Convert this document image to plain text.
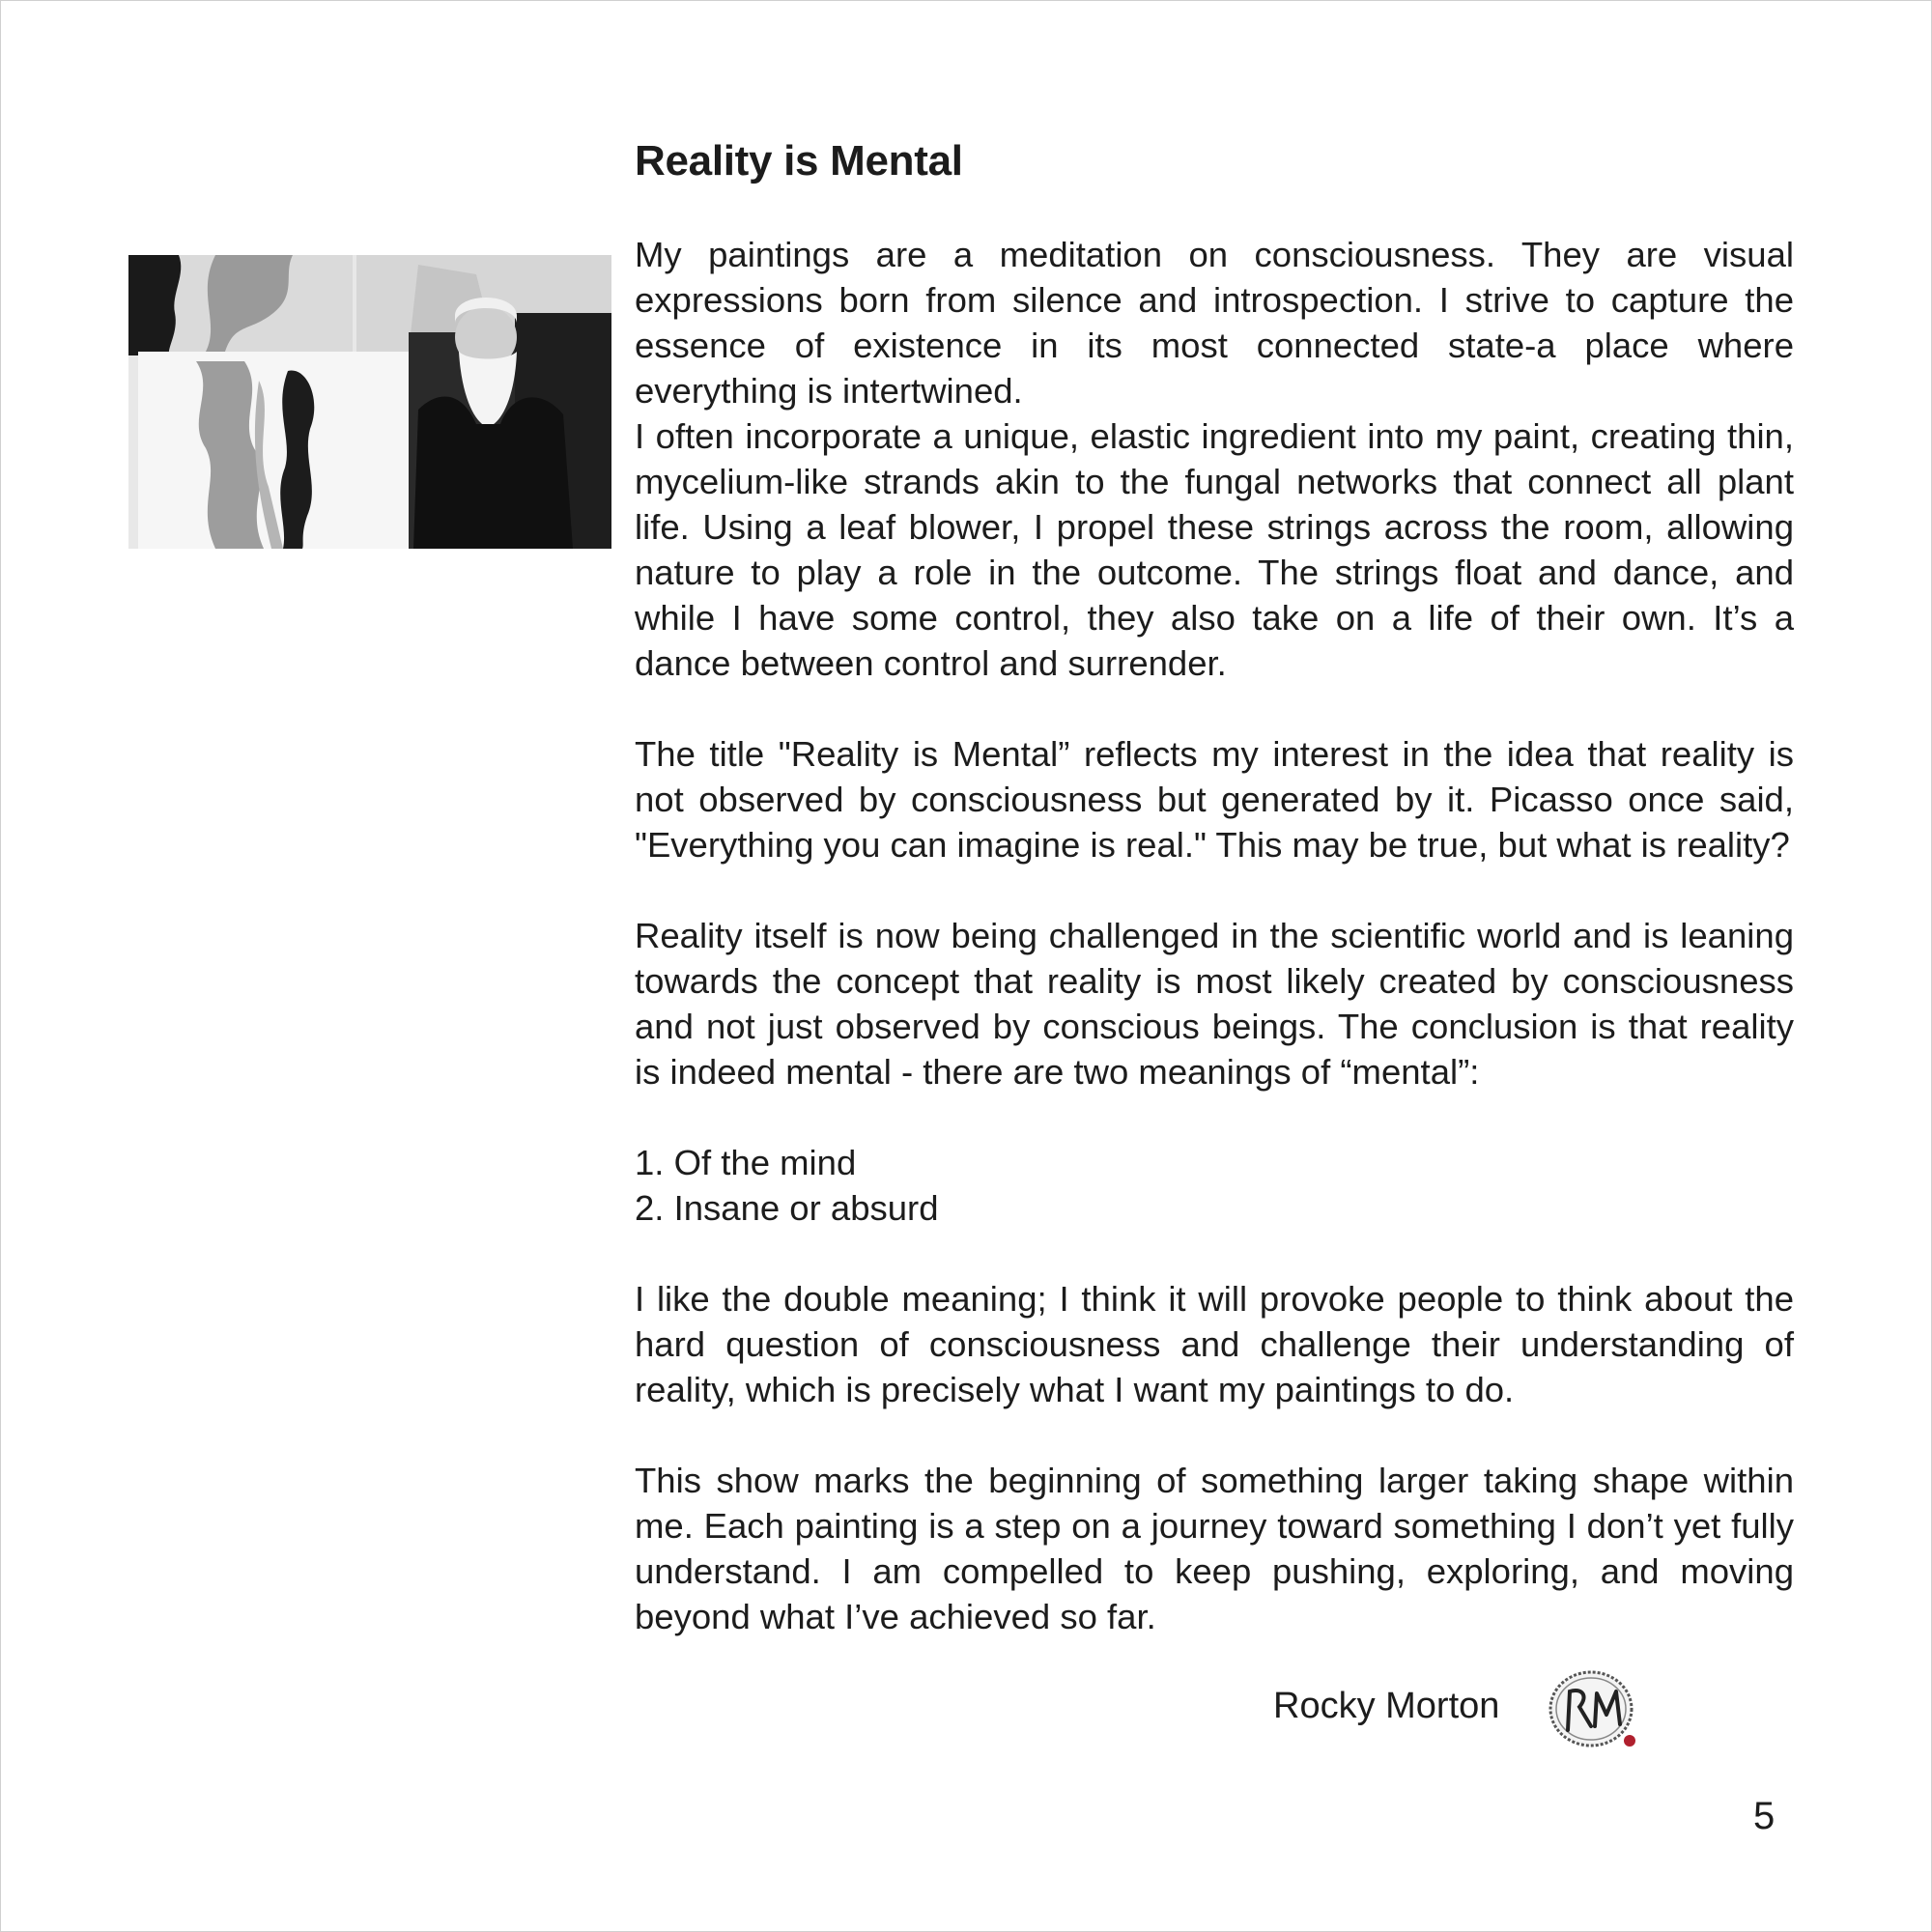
Reality is Mental

My paintings are a meditation on consciousness. They are visual expressions born from silence and introspection. I strive to capture the essence of existence in its most connected state-a place where everything is intertwined.

I often incorporate a unique, elastic ingredient into my paint, creating thin, mycelium-like strands akin to the fungal networks that connect all plant life. Using a leaf blower, I propel these strings across the room, allowing nature to play a role in the outcome. The strings float and dance, and while I have some control, they also take on a life of their own. It’s a dance between control and surrender.

The title "Reality is Mental” reflects my interest in the idea that reality is not observed by consciousness but generated by it. Picasso once said, "Everything you can imagine is real." This may be true, but what is reality?

Reality itself is now being challenged in the scientific world and is leaning towards the concept that reality is most likely created by consciousness and not just observed by conscious beings. The conclusion is that reality is indeed mental - there are two meanings of “mental”:

1. Of the mind

2. Insane or absurd

I like the double meaning; I think it will provoke people to think about the hard question of consciousness and challenge their understanding of reality, which is precisely what I want my paintings to do.

This show marks the beginning of something larger taking shape within me. Each painting is a step on a journey toward something I don’t yet fully understand. I am compelled to keep pushing, exploring, and moving beyond what I’ve achieved so far.

Rocky Morton
5
